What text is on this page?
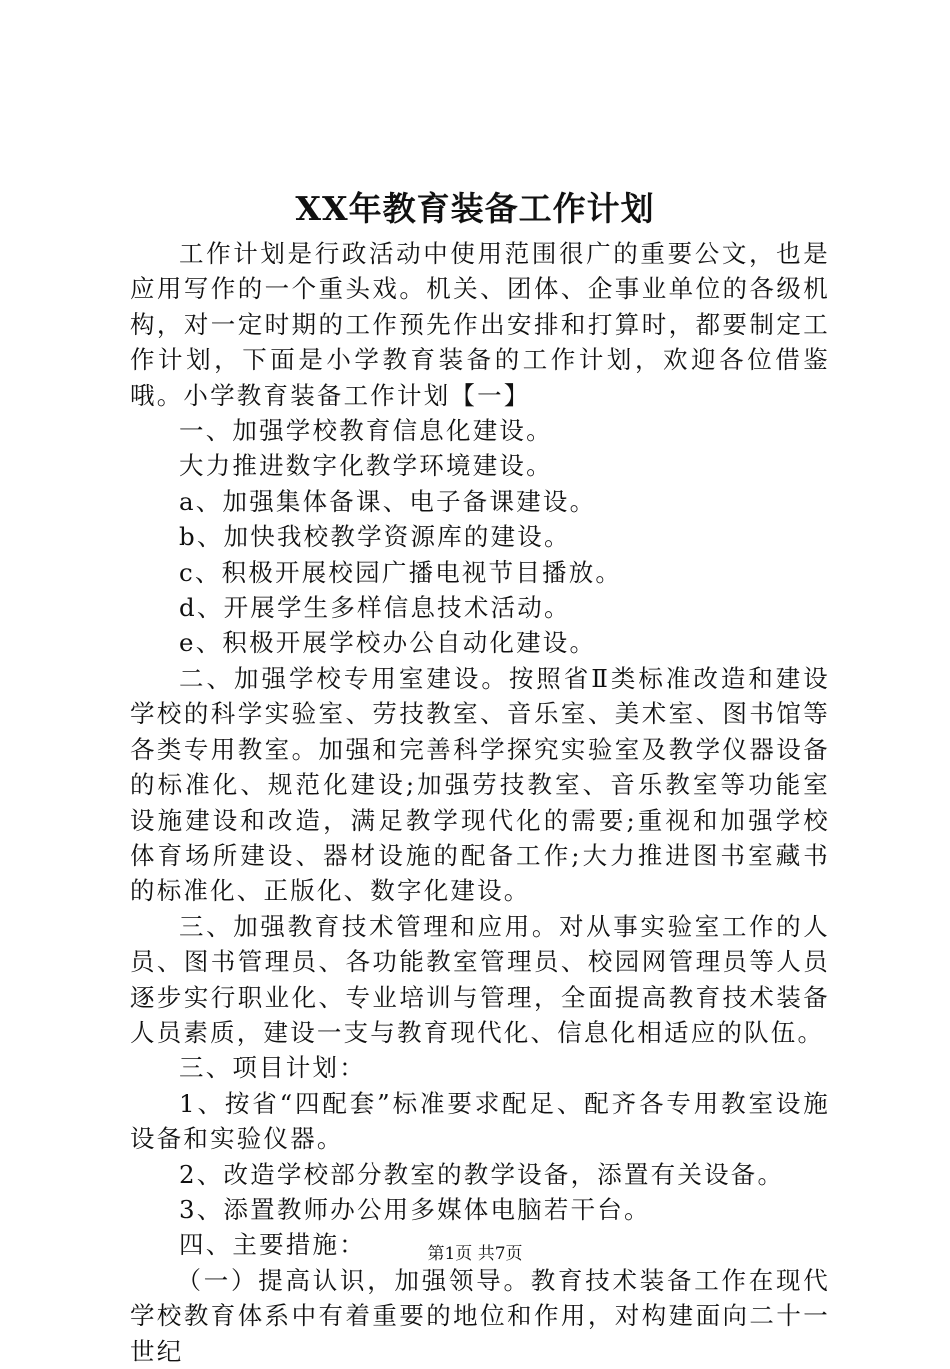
XX年教育装备工作计划

工作计划是行政活动中使用范围很广的重要公文，也是应用写作的一个重头戏。机关、团体、企事业单位的各级机构，对一定时期的工作预先作出安排和打算时，都要制定工作计划，下面是小学教育装备的工作计划，欢迎各位借鉴哦。小学教育装备工作计划【一】

一、加强学校教育信息化建设。

大力推进数字化教学环境建设。

a、加强集体备课、电子备课建设。

b、加快我校教学资源库的建设。

c、积极开展校园广播电视节目播放。

d、开展学生多样信息技术活动。

e、积极开展学校办公自动化建设。

二、加强学校专用室建设。按照省Ⅱ类标准改造和建设学校的科学实验室、劳技教室、音乐室、美术室、图书馆等各类专用教室。加强和完善科学探究实验室及教学仪器设备的标准化、规范化建设;加强劳技教室、音乐教室等功能室设施建设和改造，满足教学现代化的需要;重视和加强学校体育场所建设、器材设施的配备工作;大力推进图书室藏书的标准化、正版化、数字化建设。

三、加强教育技术管理和应用。对从事实验室工作的人员、图书管理员、各功能教室管理员、校园网管理员等人员逐步实行职业化、专业培训与管理，全面提高教育技术装备人员素质，建设一支与教育现代化、信息化相适应的队伍。

三、项目计划：

1、按省“四配套”标准要求配足、配齐各专用教室设施设备和实验仪器。

2、改造学校部分教室的教学设备，添置有关设备。

3、添置教师办公用多媒体电脑若干台。

四、主要措施：

（一）提高认识，加强领导。教育技术装备工作在现代学校教育体系中有着重要的地位和作用，对构建面向二十一世纪

第1页 共7页
